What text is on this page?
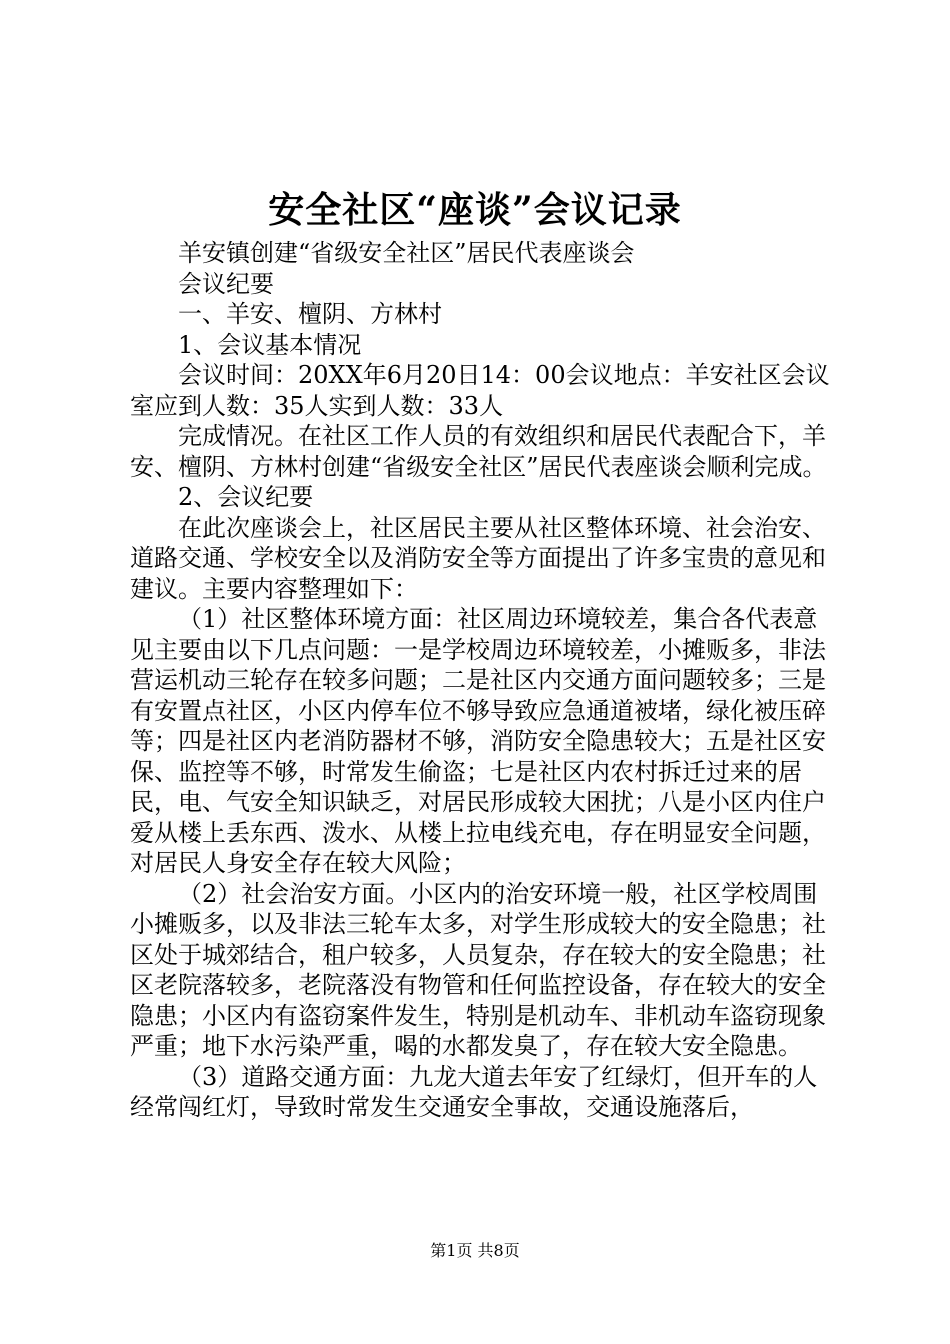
安全社区“座谈”会议记录

羊安镇创建“省级安全社区”居民代表座谈会

会议纪要

一、羊安、檀阴、方林村

1、会议基本情况

会议时间：20XX年6月20日14：00会议地点：羊安社区会议室应到人数：35人实到人数：33人

完成情况。在社区工作人员的有效组织和居民代表配合下，羊安、檀阴、方林村创建“省级安全社区”居民代表座谈会顺利完成。

2、会议纪要

在此次座谈会上，社区居民主要从社区整体环境、社会治安、道路交通、学校安全以及消防安全等方面提出了许多宝贵的意见和建议。主要内容整理如下：

（1）社区整体环境方面：社区周边环境较差，集合各代表意见主要由以下几点问题：一是学校周边环境较差，小摊贩多，非法营运机动三轮存在较多问题；二是社区内交通方面问题较多；三是有安置点社区，小区内停车位不够导致应急通道被堵，绿化被压碎等；四是社区内老消防器材不够，消防安全隐患较大；五是社区安保、监控等不够，时常发生偷盗；七是社区内农村拆迁过来的居民，电、气安全知识缺乏，对居民形成较大困扰；八是小区内住户爱从楼上丢东西、泼水、从楼上拉电线充电，存在明显安全问题，对居民人身安全存在较大风险；

（2）社会治安方面。小区内的治安环境一般，社区学校周围小摊贩多，以及非法三轮车太多，对学生形成较大的安全隐患；社区处于城郊结合，租户较多，人员复杂，存在较大的安全隐患；社区老院落较多，老院落没有物管和任何监控设备，存在较大的安全隐患；小区内有盗窃案件发生，特别是机动车、非机动车盗窃现象严重；地下水污染严重，喝的水都发臭了，存在较大安全隐患。

（3）道路交通方面：九龙大道去年安了红绿灯，但开车的人经常闯红灯，导致时常发生交通安全事故，交通设施落后，

第1页 共8页
